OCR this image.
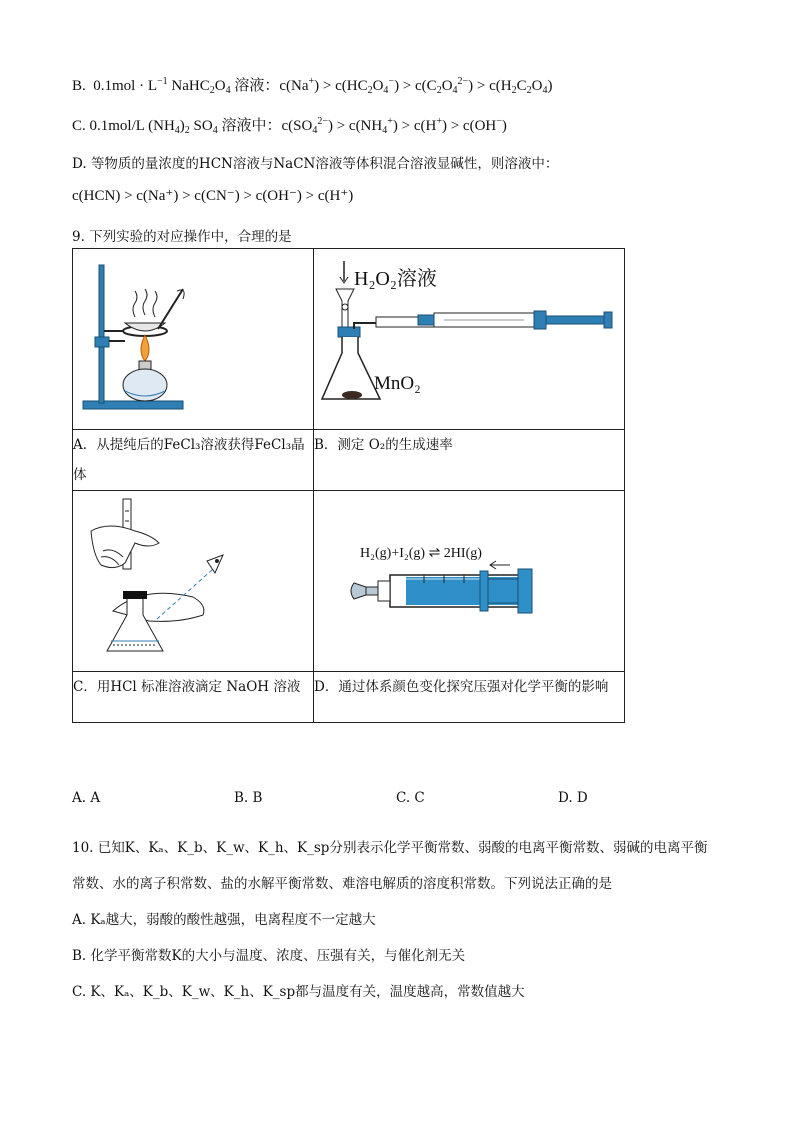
B.  $0.1mol \cdot L^{-1}$ $NaHC_2O_4$ 溶液：$c(Na^+) > c(HC_2O_4^-) > c(C_2O_4^{2-}) > c(H_2C_2O_4)$
C. 0.1mol/L $(NH_4)_2$ $SO_4$ 溶液中：$c(SO_4^{2-}) > c(NH_4^+) > c(H^+) > c(OH^-)$
D. 等物质的量浓度的HCN溶液与NaCN溶液等体积混合溶液显碱性，则溶液中：
c(HCN) > c(Na⁺) > c(CN⁻) > c(OH⁻) > c(H⁺)
9. 下列实验的对应操作中，合理的是

H₂O₂溶液
MnO₂

A．从提纯后的FeCl₃溶液获得FeCl₃晶体	B．测定 O₂的生成速率

H₂(g)+I₂(g) ⇌ 2HI(g)

C．用HCl 标准溶液滴定 NaOH 溶液	D．通过体系颜色变化探究压强对化学平衡的影响
A. A	B. B	C. C	D. D
10. 已知K、Kₐ、K_b、K_w、K_h、K_sp分别表示化学平衡常数、弱酸的电离平衡常数、弱碱的电离平衡
常数、水的离子积常数、盐的水解平衡常数、难溶电解质的溶度积常数。下列说法正确的是
A. Kₐ越大，弱酸的酸性越强，电离程度不一定越大
B. 化学平衡常数K的大小与温度、浓度、压强有关，与催化剂无关
C. K、Kₐ、K_b、K_w、K_h、K_sp都与温度有关，温度越高，常数值越大
